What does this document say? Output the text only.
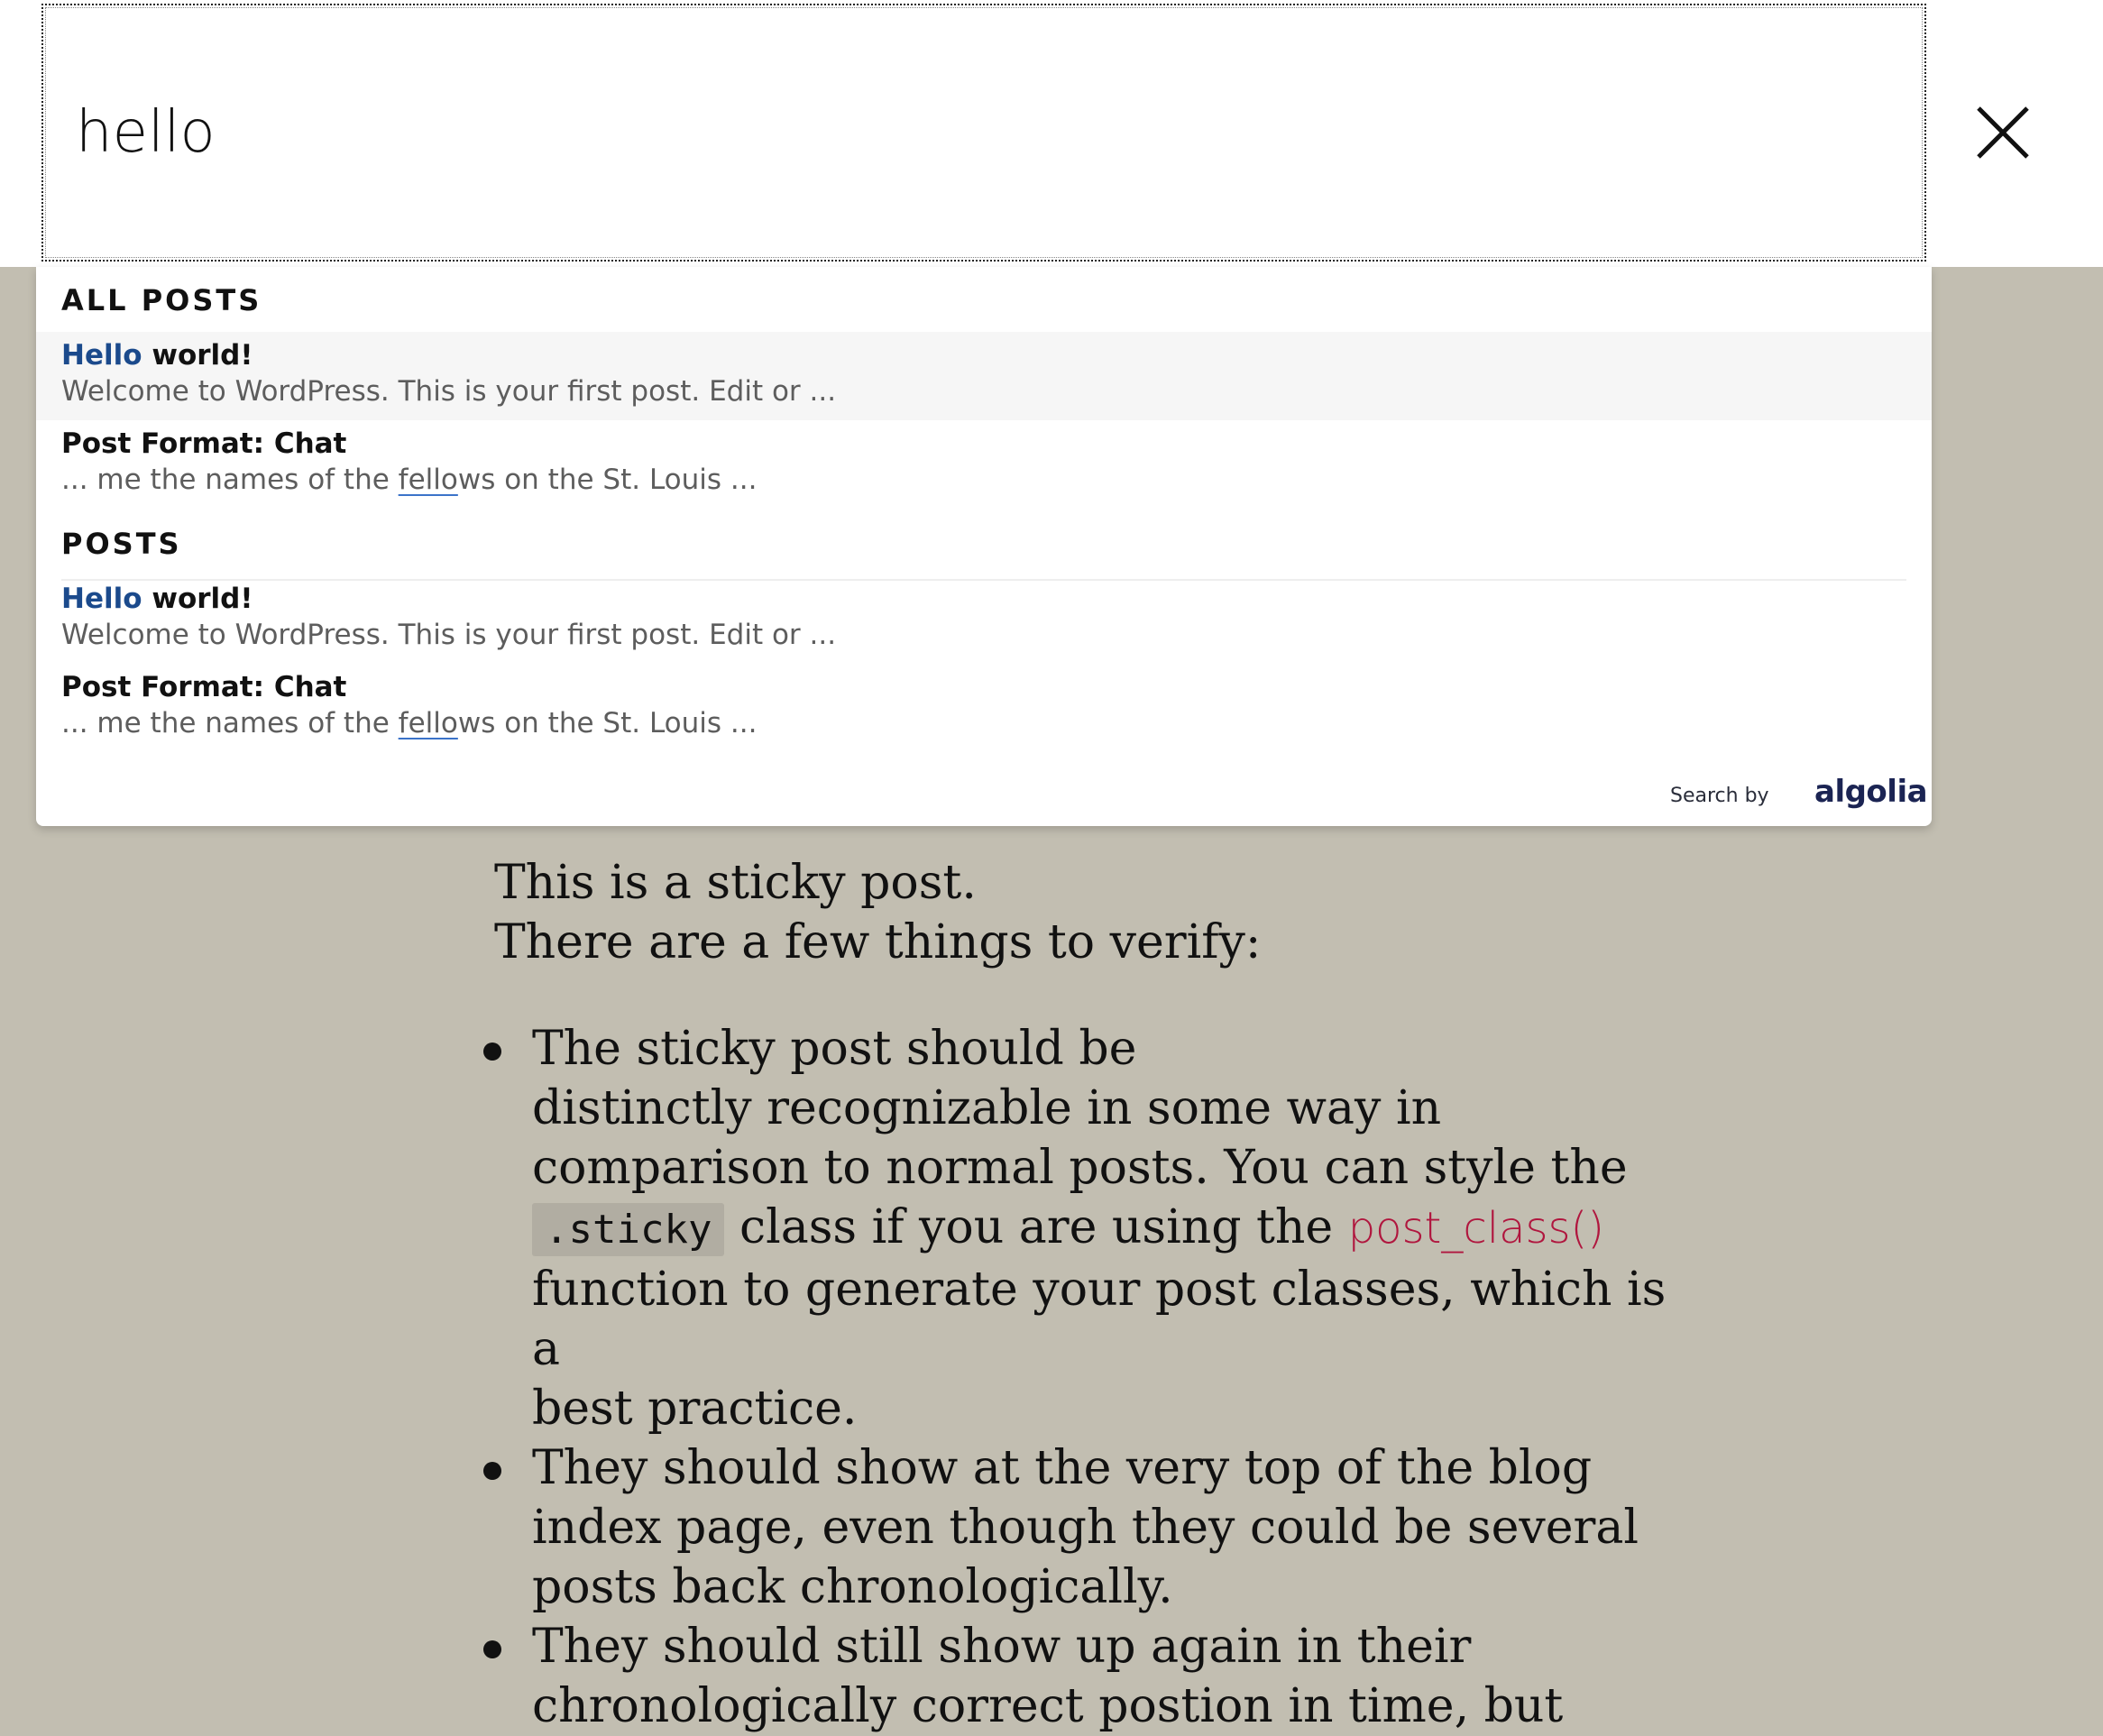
hello
ALL POSTS
Hello world!
Welcome to WordPress. This is your first post. Edit or ...
Post Format: Chat
... me the names of the fellows on the St. Louis ...
POSTS
Hello world!
Welcome to WordPress. This is your first post. Edit or ...
Post Format: Chat
... me the names of the fellows on the St. Louis ...
Search by algolia
This is a sticky post.
There are a few things to verify:
The sticky post should be
distinctly recognizable in some way in
comparison to normal posts. You can style the
.sticky class if you are using the post_class()
function to generate your post classes, which is a
best practice.
They should show at the very top of the blog
index page, even though they could be several
posts back chronologically.
They should still show up again in their
chronologically correct postion in time, but
